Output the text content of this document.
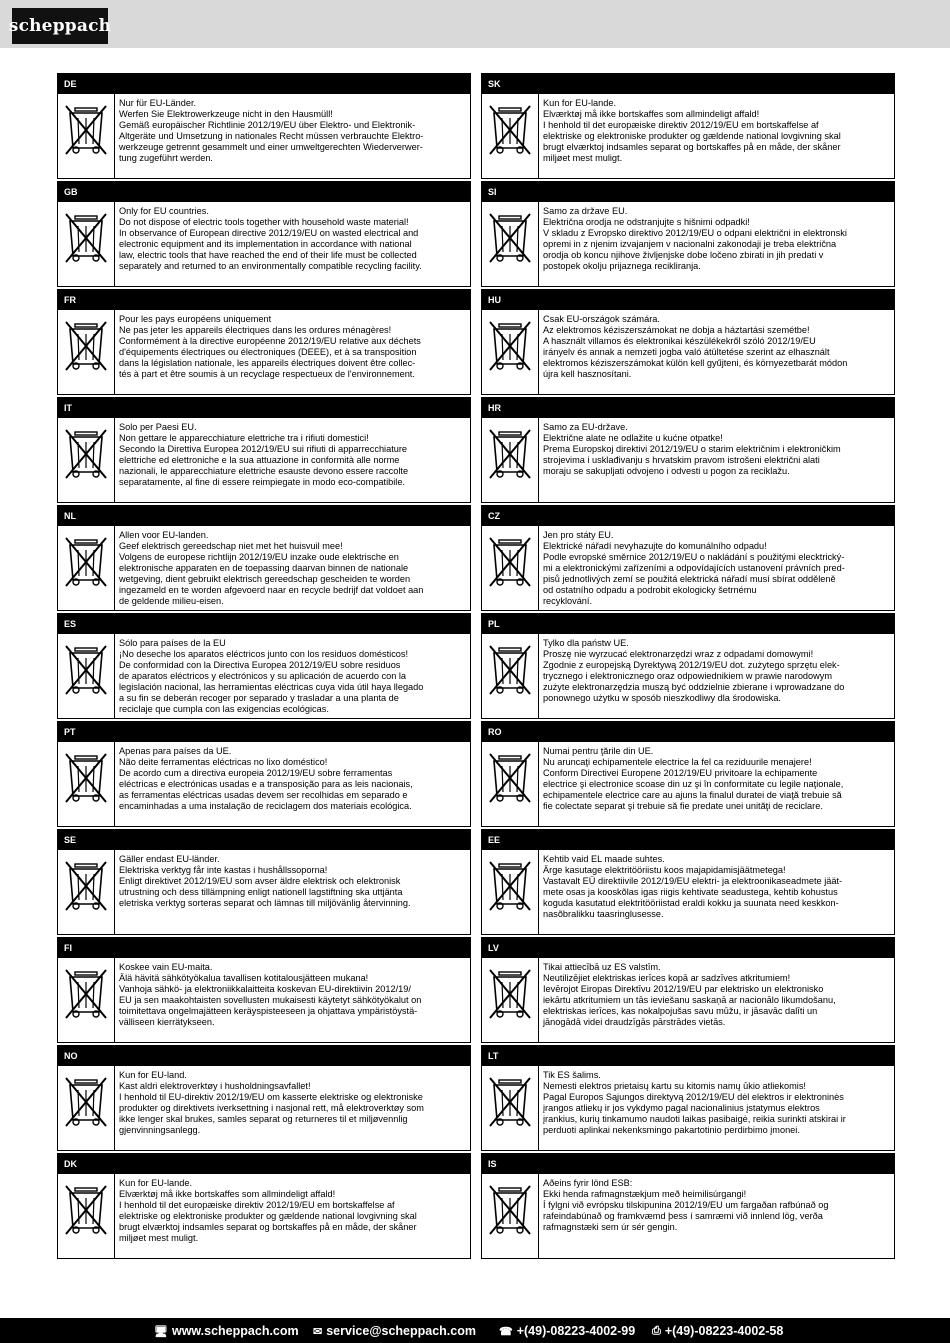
scheppach
🖥 www.scheppach.com ✉ service@scheppach.com ☎ +(49)-08223-4002-99 ⎙ +(49)-08223-4002-58
DE
Nur für EU-Länder.
Werfen Sie Elektrowerkzeuge nicht in den Hausmüll!
Gemäß europäischer Richtlinie 2012/19/EU über Elektro- und Elektronik-
Altgeräte und Umsetzung in nationales Recht müssen verbrauchte Elektro-
werkzeuge getrennt gesammelt und einer umweltgerechten Wiederverwer-
tung zugeführt werden.
SK
Kun for EU-lande.
Elværktøj må ikke bortskaffes som allmindeligt affald!
I henhold til det europæiske direktiv 2012/19/EU em bortskaffelse af
elektriske og elektroniske produkter og gældende national lovgivning skal
brugt elværktoj indsamles separat og bortskaffes på en måde, der skåner
miljøet mest muligt.
GB
Only for EU countries.
Do not dispose of electric tools together with household waste material!
In observance of European directive 2012/19/EU on wasted electrical and
electronic equipment and its implementation in accordance with national
law, electric tools that have reached the end of their life must be collected
separately and returned to an environmentally compatible recycling facility.
SI
Samo za države EU.
Električna orodja ne odstranjujte s hišnimi odpadki!
V skladu z Evropsko direktivo 2012/19/EU o odpani električni in elektronski
opremi in z njenim izvajanjem v nacionalni zakonodaji je treba električna
orodja ob koncu njihove življenjske dobe ločeno zbirati in jih predati v
postopek okolju prijaznega recikliranja.
FR
Pour les pays européens uniquement
Ne pas jeter les appareils électriques dans les ordures ménagères!
Conformément à la directive européenne 2012/19/EU relative aux déchets
d'équipements électriques ou électroniques (DEEE), et à sa transposition
dans la législation nationale, les appareils électriques doivent être collec-
tés à part et être soumis à un recyclage respectueux de l'environnement.
HU
Csak EU-országok számára.
Az elektromos kéziszerszámokat ne dobja a háztartási szemétbe!
A használt villamos és elektronikai készülékekről szóló 2012/19/EU
irányelv és annak a nemzeti jogba való átültetése szerint az elhasznált
elektromos kéziszerszámokat külön kell gyűjteni, és környezetbarát módon
újra kell hasznosítani.
IT
Solo per Paesi EU.
Non gettare le apparecchiature elettriche tra i rifiuti domestici!
Secondo la Direttiva Europea 2012/19/EU sui rifiuti di apparrecchiature
elettriche ed elettroniche e la sua attuazione in conformità alle norme
nazionali, le apparecchiature elettriche esauste devono essere raccolte
separatamente, al fine di essere reimpiegate in modo eco-compatibile.
HR
Samo za EU-države.
Električne alate ne odlažite u kućne otpatke!
Prema Europskoj direktivi 2012/19/EU o starim električnim i elektroničkim
strojevima i usklađivanju s hrvatskim pravom istrošeni električni alati
moraju se sakupljati odvojeno i odvesti u pogon za reciklažu.
NL
Allen voor EU-landen.
Geef elektrisch gereedschap niet met het huisvuil mee!
Volgens de europese richtlijn 2012/19/EU inzake oude elektrische en
elektronische apparaten en de toepassing daarvan binnen de nationale
wetgeving, dient gebruikt elektrisch gereedschap gescheiden te worden
ingezameld en te worden afgevoerd naar en recycle bedrijf dat voldoet aan
de geldende milieu-eisen.
CZ
Jen pro státy EU.
Elektrické nářadí nevyhazujte do komunálního odpadu!
Podle evropské směrnice 2012/19/EU o nakládání s použitými elecktrický-
mi a elektronickými zařízeními a odpovídajících ustanovení právních pred-
pisů jednotlivých zemí se použitá elektrická nářadí musí sbírat odděleně
od ostatního odpadu a podrobit ekologicky šetrnému
recyklování.
ES
Sólo para países de la EU
¡No deseche los aparatos eléctricos junto con los residuos domésticos!
De conformidad con la Directiva Europea 2012/19/EU sobre residuos
de aparatos eléctricos y electrónicos y su aplicación de acuerdo con la
legislación nacional, las herramientas eléctricas cuya vida útil haya llegado
a su fin se deberán recoger por separado y trasladar a una planta de
reciclaje que cumpla con las exigencias ecológicas.
PL
Tylko dla państw UE.
Proszę nie wyrzucać elektronarzędzi wraz z odpadami domowymi!
Zgodnie z europejską Dyrektywą 2012/19/EU dot. zużytego sprzętu elek-
trycznego i elektronicznego oraz odpowiednikiem w prawie narodowym
zużyte elektronarzędzia muszą być oddzielnie zbierane i wprowadzane do
ponownego użytku w sposób nieszkodliwy dla środowiska.
PT
Apenas para países da UE.
Não deite ferramentas eléctricas no lixo doméstico!
De acordo cum a directiva europeia 2012/19/EU sobre ferramentas
eléctricas e electrónicas usadas e a transposição para as leis nacionais,
as ferramentas eléctricas usadas devem ser recolhidas em separado e
encaminhadas a uma instalação de reciclagem dos materiais ecológica.
RO
Numai pentru ţările din UE.
Nu aruncaţi echipamentele electrice la fel ca reziduurile menajere!
Conform Directivei Europene 2012/19/EU privitoare la echipamente
electrice şi electronice scoase din uz şi în conformitate cu legile naţionale,
echipamentele electrice care au ajuns la finalul duratei de viaţă trebuie să
fie colectate separat şi trebuie să fie predate unei unităţi de reciclare.
SE
Gäller endast EU-länder.
Elektriska verktyg får inte kastas i hushållssoporna!
Enligt direktivet 2012/19/EU som avser äldre elektrisk och elektronisk
utrustning och dess tillämpning enligt nationell lagstiftning ska uttjänta
eletriska verktyg sorteras separat och lämnas till miljövänlig återvinning.
EE
Kehtib vaid EL maade suhtes.
Ärge kasutage elektritööriistu koos majapidamisjäätmetega!
Vastavalt EÜ direktiivile 2012/19/EU elektri- ja elektroonikaseadmete jäät-
mete osas ja kooskõlas igas riigis kehtivate seadustega, kehtib kohustus
koguda kasutatud elektritööriistad eraldi kokku ja suunata need keskkon-
nasõbralikku taasringlusesse.
FI
Koskee vain EU-maita.
Älä hävitä sähkötyökalua tavallisen kotitalousjätteen mukana!
Vanhoja sähkö- ja elektroniikkalaitteita koskevan EU-direktiivin 2012/19/
EU ja sen maakohtaisten sovellusten mukaisesti käytetyt sähkötyökalut on
toimitettava ongelmajätteen keräyspisteeseen ja ohjattava ympäristöystä-
välliseen kierrätykseen.
LV
Tikai attiecībā uz ES valstīm.
Neutilizējiet elektriskas ierīces kopā ar sadzīves atkritumiem!
Ievērojot Eiropas Direktīvu 2012/19/EU par elektrisko un elektronisko
iekārtu atkritumiem un tās ieviešanu saskaņā ar nacionālo likumdošanu,
elektriskas ierīces, kas nokalpojušas savu mūžu, ir jāsavāc dalīti un
jānogādā videi draudzīgās pārstrādes vietās.
NO
Kun for EU-land.
Kast aldri elektroverktøy i husholdningsavfallet!
I henhold til EU-direktiv 2012/19/EU om kasserte elektriske og elektroniske
produkter og direktivets iverksettning i nasjonal rett, må elektroverktøy som
ikke lenger skal brukes, samles separat og returneres til et miljøvennlig
gjenvinningsanlegg.
LT
Tik ES šalims.
Nemesti elektros prietaisų kartu su kitomis namų ūkio atliekomis!
Pagal Europos Sąjungos direktyvą 2012/19/EU dėl elektros ir elektroninės
įrangos atliekų ir jos vykdymo pagal nacionalinius įstatymus elektros
įrankius, kurių tinkamumo naudoti laikas pasibaigė, reikia surinkti atskirai ir
perduoti aplinkai nekenksmingo pakartotinio perdirbimo įmonei.
DK
Kun for EU-lande.
Elværktøj må ikke bortskaffes som allmindeligt affald!
I henhold til det europæiske direktiv 2012/19/EU em bortskaffelse af
elektriske og elektroniske produkter og gældende national lovgivning skal
brugt elværktoj indsamles separat og bortskaffes på en måde, der skåner
miljøet mest muligt.
IS
Aðeins fyrir lönd ESB:
Ekki henda rafmagnstækjum með heimilisúrgangi!
Í fylgni við evrópsku tilskipunina 2012/19/EU um fargaðan rafbúnað og
rafeindabúnað og framkvæmd þess í samræmi við innlend lög, verða
rafmagnstæki sem úr sér gengin.
